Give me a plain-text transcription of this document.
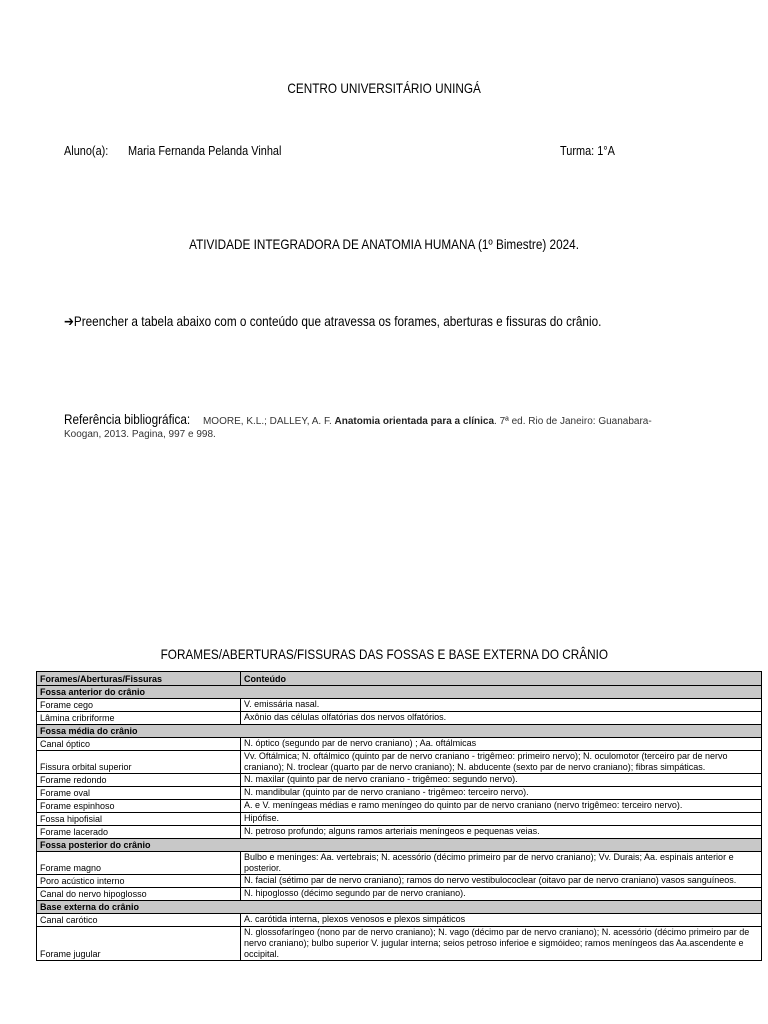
CENTRO UNIVERSITÁRIO UNINGÁ
Aluno(a):	Maria Fernanda Pelanda Vinhal	Turma: 1°A
ATIVIDADE INTEGRADORA DE ANATOMIA HUMANA (1º Bimestre) 2024.
➔Preencher a tabela abaixo com o conteúdo que atravessa os forames, aberturas e fissuras do crânio.
Referência bibliográfica: MOORE, K.L.; DALLEY, A. F. Anatomia orientada para a clínica. 7ª ed. Rio de Janeiro: Guanabara-Koogan, 2013. Pagina, 997 e 998.
FORAMES/ABERTURAS/FISSURAS DAS FOSSAS E BASE EXTERNA DO CRÂNIO
Forames/Aberturas/Fissuras	Conteúdo
Fossa anterior do crânio	
Forame cego	V. emissária nasal.
Lâmina cribriforme	Axônio das células olfatórias dos nervos olfatórios.
Fossa média do crânio	
Canal óptico	N. óptico (segundo par de nervo craniano) ; Aa. oftálmicas
Fissura orbital superior	Vv. Oftálmica; N. oftálmico (quinto par de nervo craniano - trigêmeo: primeiro nervo); N. oculomotor (terceiro par de nervo craniano); N. troclear (quarto par de nervo craniano); N. abducente (sexto par de nervo craniano); fibras simpáticas.
Forame redondo	N. maxilar (quinto par de nervo craniano - trigêmeo: segundo nervo).
Forame oval	N. mandibular (quinto par de nervo craniano - trigêmeo: terceiro nervo).
Forame espinhoso	A. e V. meníngeas médias e ramo meníngeo do quinto par de nervo craniano (nervo trigêmeo: terceiro nervo).
Fossa hipofisial	Hipófise.
Forame lacerado	N. petroso profundo; alguns ramos arteriais meníngeos e pequenas veias.
Fossa posterior do crânio	
Forame magno	Bulbo e meninges: Aa. vertebrais; N. acessório (décimo primeiro par de nervo craniano); Vv. Durais; Aa. espinais anterior e posterior.
Poro acústico interno	N. facial (sétimo par de nervo craniano); ramos do nervo vestibulococlear (oitavo par de nervo craniano) vasos sanguíneos.
Canal do nervo hipoglosso	N. hipoglosso (décimo segundo par de nervo craniano).
Base externa do crânio	
Canal carótico	A. carótida interna, plexos venosos e plexos simpáticos
Forame jugular	N. glossofaríngeo (nono par de nervo craniano); N. vago (décimo par de nervo craniano); N. acessório (décimo primeiro par de nervo craniano); bulbo superior V. jugular interna; seios petroso inferioe e sigmóideo; ramos meníngeos das Aa.ascendente e occipital.
